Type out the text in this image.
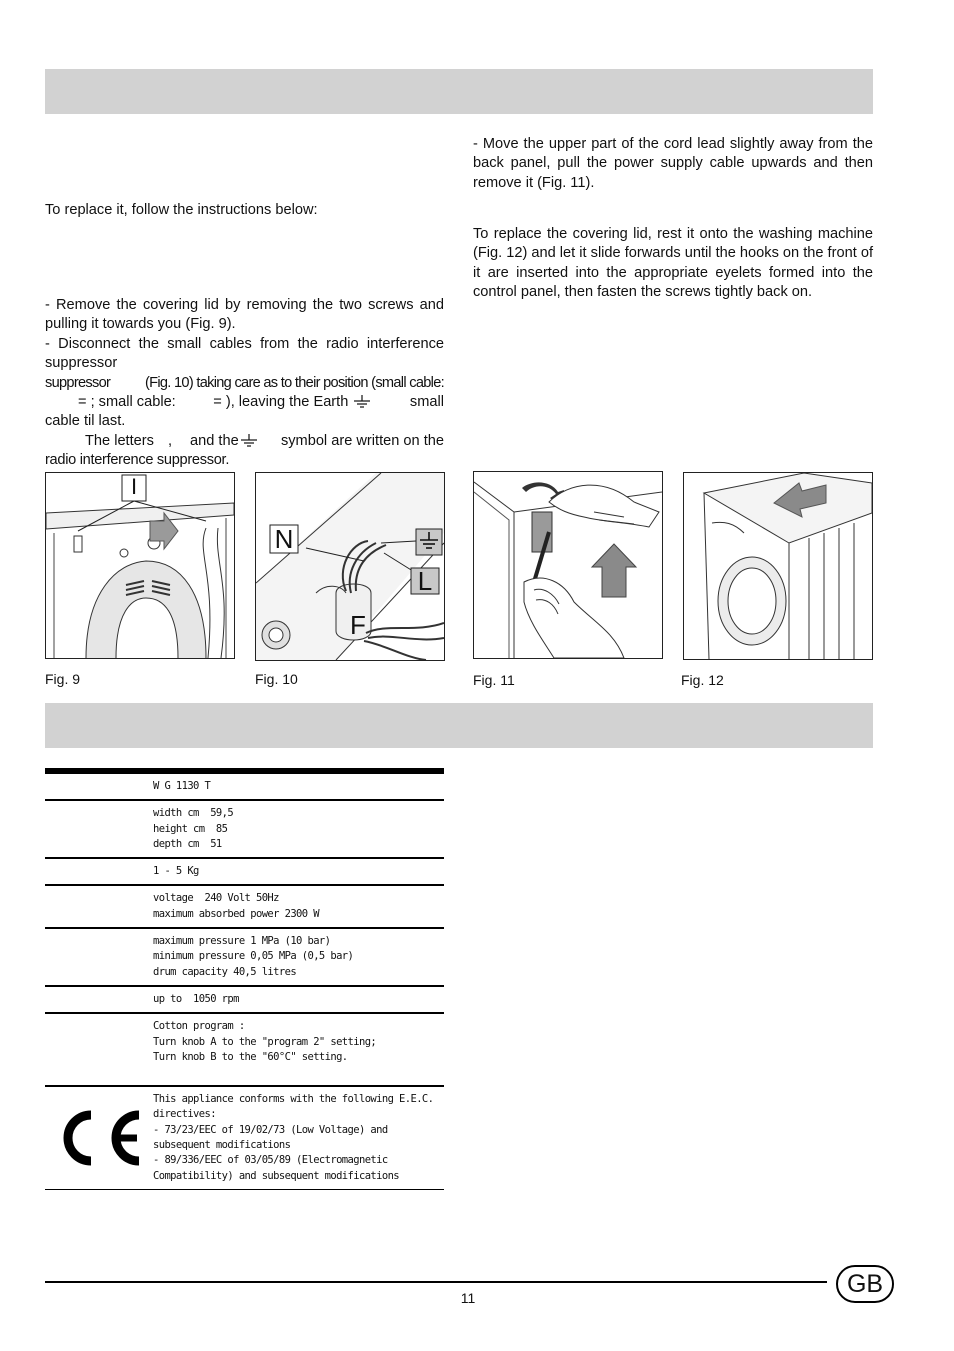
To replace it, follow the instructions below:

- Remove the covering lid by removing the two screws and pulling it towards you (Fig. 9).
- Disconnect the small cables from the radio interference suppressor

suppressor (Fig. 10) taking care as to their position (small cable:
= ; small cable:	= ), leaving the Earth	small
cable til last.

The letters , and the	symbol are written on the
radio interference suppressor.

- Move the upper part of the cord lead slightly away from the back panel, pull the power supply cable upwards and then remove it (Fig. 11).

To replace the covering lid, rest it onto the washing machine (Fig. 12) and let it slide forwards until the hooks on the front of it are inserted into the appropriate eyelets formed into the control panel, then fasten the screws tightly back on.

I
Fig. 9
N
L
F
Fig. 10	Fig. 11	Fig. 12
W G 1130 T
width cm  59,5
height cm  85
depth cm  51
1 - 5 Kg
voltage  240 Volt 50Hz
maximum absorbed power 2300 W
maximum pressure 1 MPa (10 bar)
minimum pressure 0,05 MPa (0,5 bar)
drum capacity 40,5 litres
up to  1050 rpm
Cotton program :
Turn knob A to the "program 2" setting;
Turn knob B to the "60°C" setting.
This appliance conforms with the following E.E.C.
directives:
- 73/23/EEC of 19/02/73 (Low Voltage) and
subsequent modifications
- 89/336/EEC of 03/05/89 (Electromagnetic
Compatibility) and subsequent modifications
11	GB
